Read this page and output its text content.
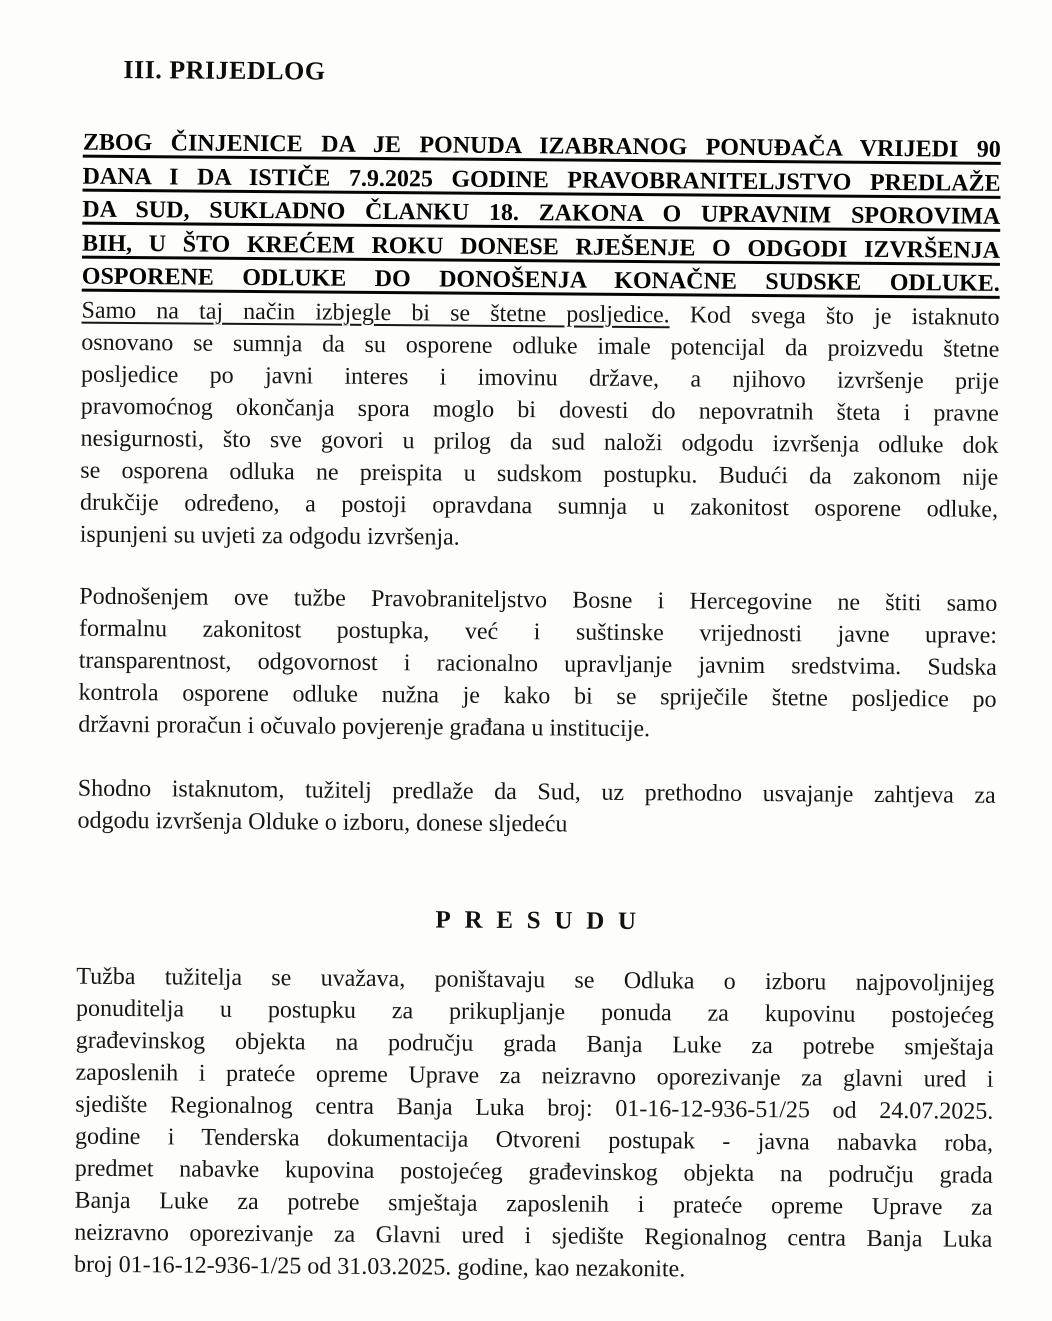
III. PRIJEDLOG
ZBOG ČINJENICE DA JE PONUDA IZABRANOG PONUĐAČA VRIJEDI 90
DANA I DA ISTIČE 7.9.2025 GODINE PRAVOBRANITELJSTVO PREDLAŽE
DA SUD, SUKLADNO ČLANKU 18. ZAKONA O UPRAVNIM SPOROVIMA
BIH, U ŠTO KREĆEM ROKU DONESE RJEŠENJE O ODGODI IZVRŠENJA
OSPORENE ODLUKE DO DONOŠENJA KONAČNE SUDSKE ODLUKE.
Samo na taj način izbjegle bi se štetne posljedice. Kod svega što je istaknuto
osnovano se sumnja da su osporene odluke imale potencijal da proizvedu štetne
posljedice po javni interes i imovinu države, a njihovo izvršenje prije
pravomoćnog okončanja spora moglo bi dovesti do nepovratnih šteta i pravne
nesigurnosti, što sve govori u prilog da sud naloži odgodu izvršenja odluke dok
se osporena odluka ne preispita u sudskom postupku. Budući da zakonom nije
drukčije određeno, a postoji opravdana sumnja u zakonitost osporene odluke,
ispunjeni su uvjeti za odgodu izvršenja.
Podnošenjem ove tužbe Pravobraniteljstvo Bosne i Hercegovine ne štiti samo
formalnu zakonitost postupka, već i suštinske vrijednosti javne uprave:
transparentnost, odgovornost i racionalno upravljanje javnim sredstvima. Sudska
kontrola osporene odluke nužna je kako bi se spriječile štetne posljedice po
državni proračun i očuvalo povjerenje građana u institucije.
Shodno istaknutom, tužitelj predlaže da Sud, uz prethodno usvajanje zahtjeva za
odgodu izvršenja Olduke o izboru, donese sljedeću
PRESUDU
Tužba tužitelja se uvažava, poništavaju se Odluka o izboru najpovoljnijeg
ponuditelja u postupku za prikupljanje ponuda za kupovinu postojećeg
građevinskog objekta na području grada Banja Luke za potrebe smještaja
zaposlenih i prateće opreme Uprave za neizravno oporezivanje za glavni ured i
sjedište Regionalnog centra Banja Luka broj: 01-16-12-936-51/25 od 24.07.2025.
godine i Tenderska dokumentacija Otvoreni postupak - javna nabavka roba,
predmet nabavke kupovina postojećeg građevinskog objekta na području grada
Banja Luke za potrebe smještaja zaposlenih i prateće opreme Uprave za
neizravno oporezivanje za Glavni ured i sjedište Regionalnog centra Banja Luka
broj 01-16-12-936-1/25 od 31.03.2025. godine, kao nezakonite.
